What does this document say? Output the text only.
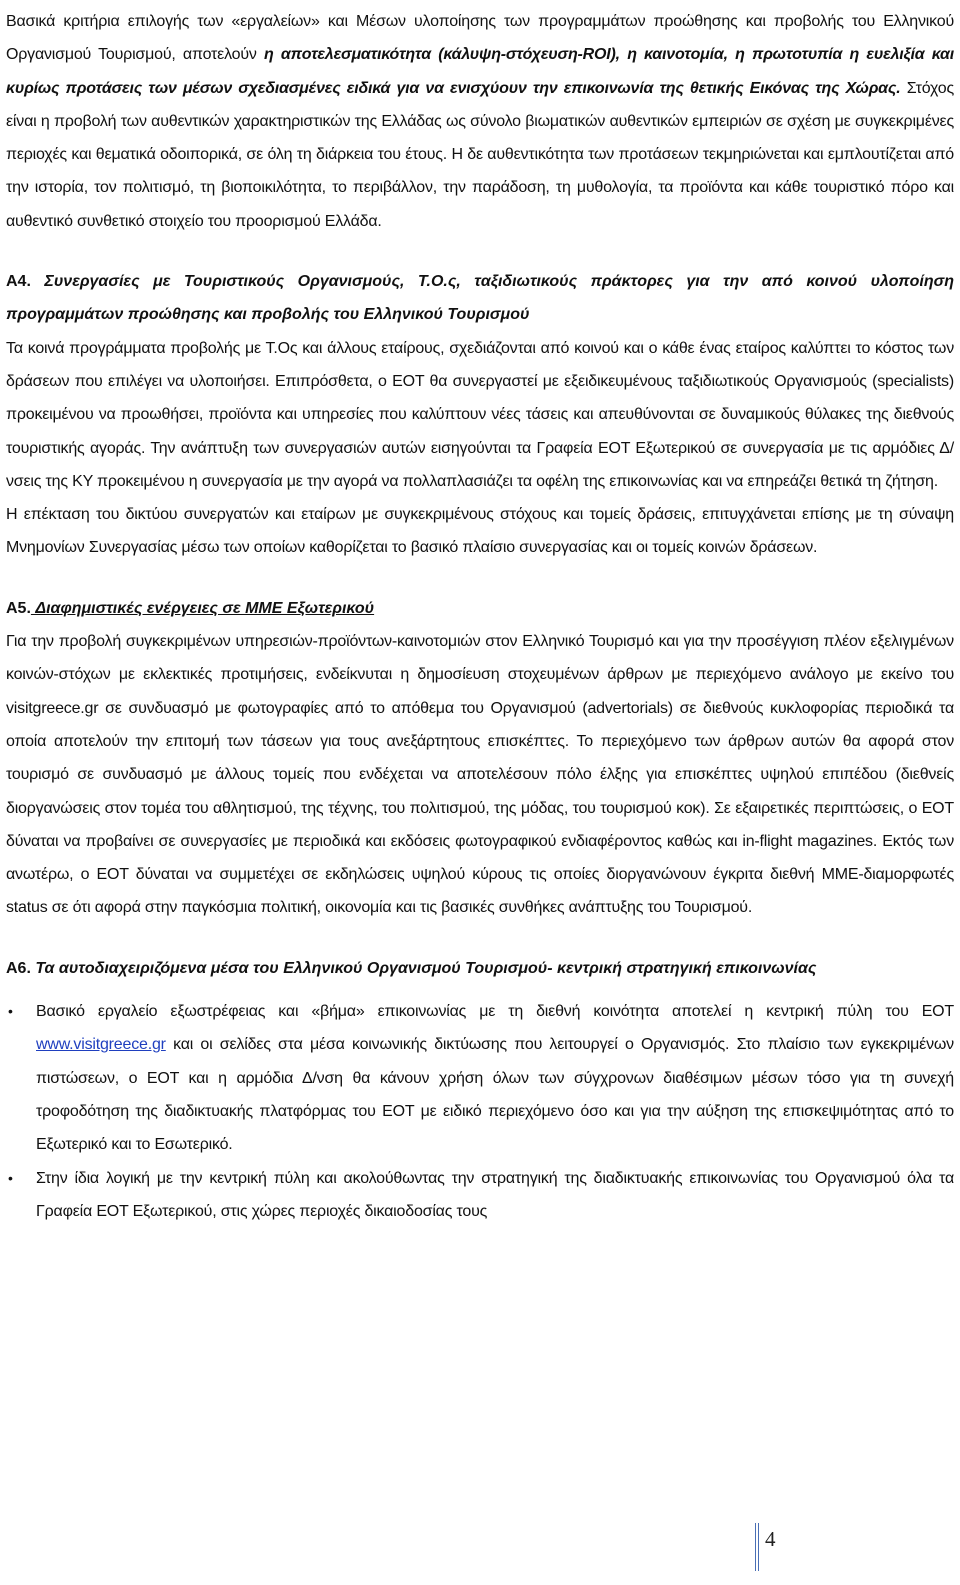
Βασικά κριτήρια επιλογής των «εργαλείων» και Μέσων υλοποίησης των προγραμμάτων προώθησης και προβολής του Ελληνικού Οργανισμού Τουρισμού, αποτελούν η αποτελεσματικότητα (κάλυψη-στόχευση-ROI), η καινοτομία, η πρωτοτυπία η ευελιξία και κυρίως προτάσεις των μέσων σχεδιασμένες ειδικά για να ενισχύουν την επικοινωνία της θετικής Εικόνας της Χώρας. Στόχος είναι η προβολή των αυθεντικών χαρακτηριστικών της Ελλάδας ως σύνολο βιωματικών αυθεντικών εμπειριών σε σχέση με συγκεκριμένες περιοχές και θεματικά οδοιπορικά, σε όλη τη διάρκεια του έτους. Η δε αυθεντικότητα των προτάσεων τεκμηριώνεται και εμπλουτίζεται από την ιστορία, τον πολιτισμό, τη βιοποικιλότητα, το περιβάλλον, την παράδοση, τη μυθολογία, τα προϊόντα και κάθε τουριστικό πόρο και αυθεντικό συνθετικό στοιχείο του προορισμού Ελλάδα.

A4. Συνεργασίες με Τουριστικούς Οργανισμούς, Τ.Ο.ς, ταξιδιωτικούς πράκτορες για την από κοινού υλοποίηση προγραμμάτων προώθησης και προβολής του Ελληνικού Τουρισμού

Τα κοινά προγράμματα προβολής με Τ.Ος και άλλους εταίρους, σχεδιάζονται από κοινού και ο κάθε ένας εταίρος καλύπτει το κόστος των δράσεων που επιλέγει να υλοποιήσει. Επιπρόσθετα, ο ΕΟΤ θα συνεργαστεί με εξειδικευμένους ταξιδιωτικούς Οργανισμούς (specialists) προκειμένου να προωθήσει, προϊόντα και υπηρεσίες που καλύπτουν νέες τάσεις και απευθύνονται σε δυναμικούς θύλακες της διεθνούς τουριστικής αγοράς. Την ανάπτυξη των συνεργασιών αυτών εισηγούνται τα Γραφεία ΕΟΤ Εξωτερικού σε συνεργασία με τις αρμόδιες Δ/νσεις της ΚΥ προκειμένου η συνεργασία με την αγορά να πολλαπλασιάζει τα οφέλη της επικοινωνίας και να επηρεάζει θετικά τη ζήτηση.

Η επέκταση του δικτύου συνεργατών και εταίρων με συγκεκριμένους στόχους και τομείς δράσεις, επιτυγχάνεται επίσης με τη σύναψη Μνημονίων Συνεργασίας μέσω των οποίων καθορίζεται το βασικό πλαίσιο συνεργασίας και οι τομείς κοινών δράσεων.

A5. Διαφημιστικές ενέργειες σε ΜΜΕ Εξωτερικού

Για την προβολή συγκεκριμένων υπηρεσιών-προϊόντων-καινοτομιών στον Ελληνικό Τουρισμό και για την προσέγγιση πλέον εξελιγμένων κοινών-στόχων με εκλεκτικές προτιμήσεις, ενδείκνυται η δημοσίευση στοχευμένων άρθρων με περιεχόμενο ανάλογο με εκείνο του visitgreece.gr σε συνδυασμό με φωτογραφίες από το απόθεμα του Οργανισμού (advertorials) σε διεθνούς κυκλοφορίας περιοδικά τα οποία αποτελούν την επιτομή των τάσεων για τους ανεξάρτητους επισκέπτες. Το περιεχόμενο των άρθρων αυτών θα αφορά στον τουρισμό σε συνδυασμό με άλλους τομείς που ενδέχεται να αποτελέσουν πόλο έλξης για επισκέπτες υψηλού επιπέδου (διεθνείς διοργανώσεις στον τομέα του αθλητισμού, της τέχνης, του πολιτισμού, της μόδας, του τουρισμού κοκ). Σε εξαιρετικές περιπτώσεις, ο ΕΟΤ δύναται να προβαίνει σε συνεργασίες με περιοδικά και εκδόσεις φωτογραφικού ενδιαφέροντος καθώς και in-flight magazines. Εκτός των ανωτέρω, ο ΕΟΤ δύναται να συμμετέχει σε εκδηλώσεις υψηλού κύρους τις οποίες διοργανώνουν έγκριτα διεθνή ΜΜΕ-διαμορφωτές status σε ότι αφορά στην παγκόσμια πολιτική, οικονομία και τις βασικές συνθήκες ανάπτυξης του Τουρισμού.

A6. Τα αυτοδιαχειριζόμενα μέσα του Ελληνικού Οργανισμού Τουρισμού- κεντρική στρατηγική επικοινωνίας

• Βασικό εργαλείο εξωστρέφειας και «βήμα» επικοινωνίας με τη διεθνή κοινότητα αποτελεί η κεντρική πύλη του ΕΟΤ www.visitgreece.gr και οι σελίδες στα μέσα κοινωνικής δικτύωσης που λειτουργεί ο Οργανισμός. Στο πλαίσιο των εγκεκριμένων πιστώσεων, ο ΕΟΤ και η αρμόδια Δ/νση θα κάνουν χρήση όλων των σύγχρονων διαθέσιμων μέσων τόσο για τη συνεχή τροφοδότηση της διαδικτυακής πλατφόρμας του ΕΟΤ με ειδικό περιεχόμενο όσο και για την αύξηση της επισκεψιμότητας από το Εξωτερικό και το Εσωτερικό.

• Στην ίδια λογική με την κεντρική πύλη και ακολούθωντας την στρατηγική της διαδικτυακής επικοινωνίας του Οργανισμού όλα τα Γραφεία ΕΟΤ Εξωτερικού, στις χώρες περιοχές δικαιοδοσίας τους

4
